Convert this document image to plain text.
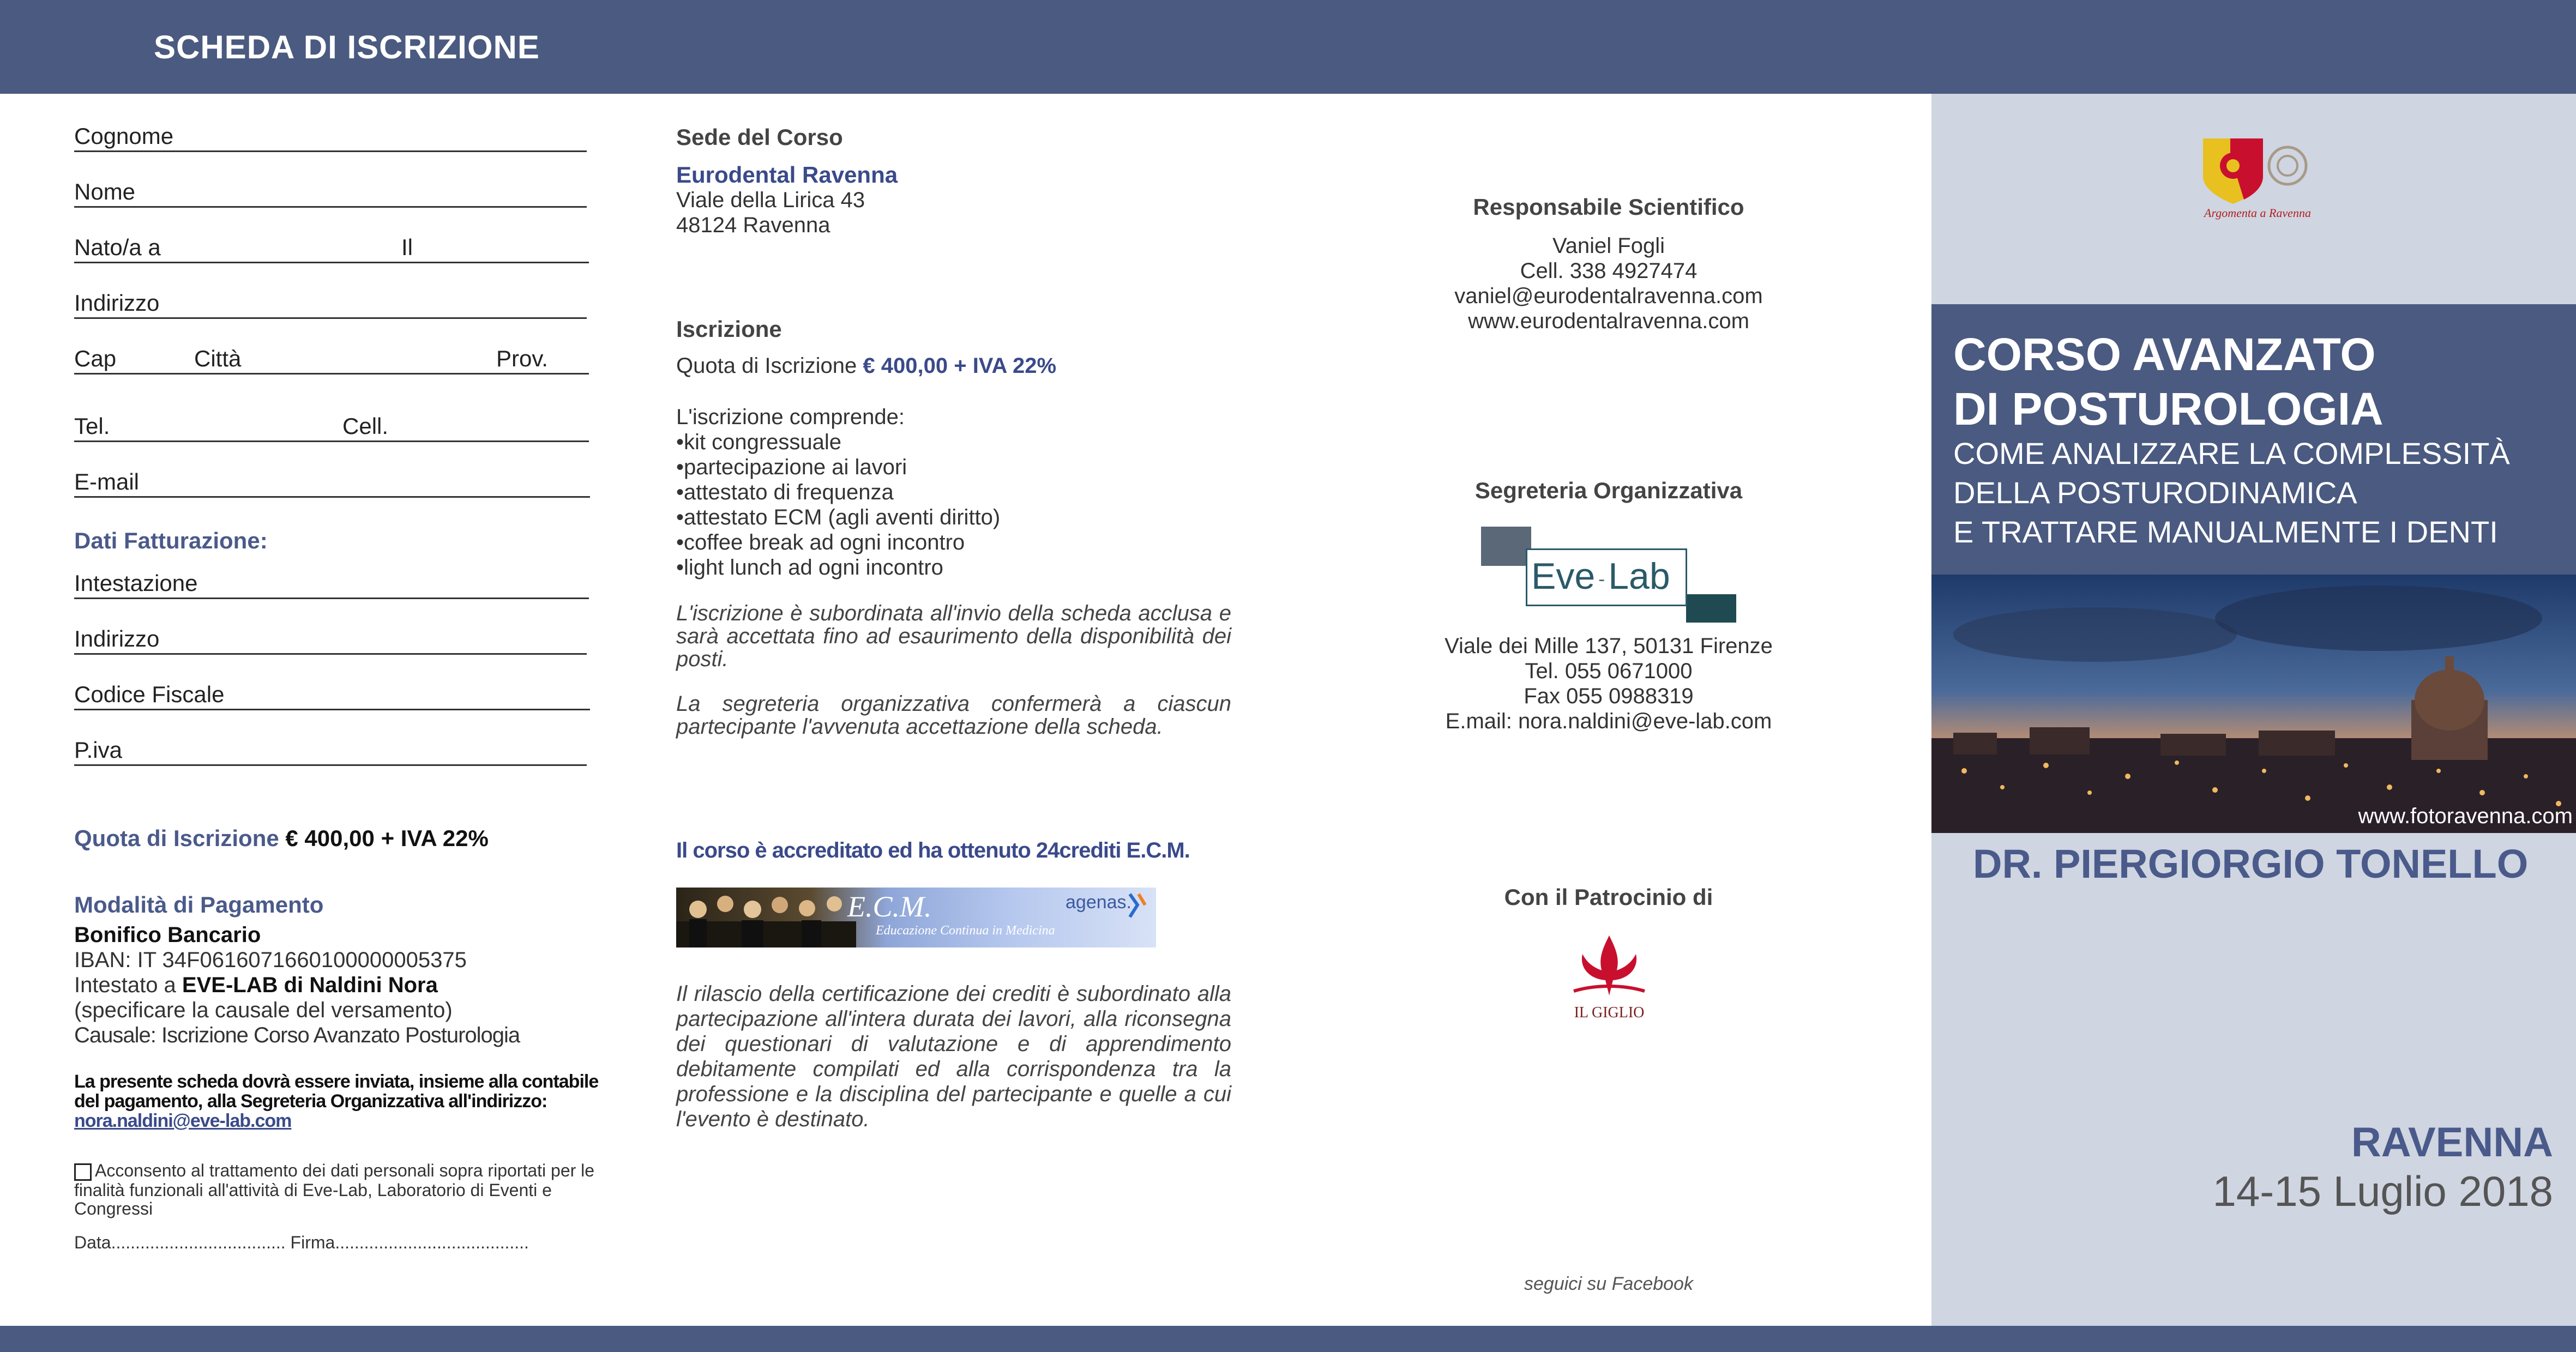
SCHEDA DI ISCRIZIONE
Cognome
Nome
Nato/a a	Il
Indirizzo
Cap	Città	Prov.
Tel.	Cell.
E-mail
Dati Fatturazione:
Intestazione
Indirizzo
Codice Fiscale
P.iva
Quota di Iscrizione € 400,00 + IVA 22%
Modalità di Pagamento
Bonifico Bancario
IBAN: IT 34F0616071660100000005375
Intestato a EVE-LAB di Naldini Nora
(specificare la causale del versamento)
Causale: Iscrizione Corso Avanzato Posturologia
La presente scheda dovrà essere inviata, insieme alla contabile
del pagamento, alla Segreteria Organizzativa all'indirizzo:
nora.naldini@eve-lab.com
Acconsento al trattamento dei dati personali sopra riportati per le finalità funzionali all'attività di Eve-Lab, Laboratorio di Eventi e Congressi
Data.................................... Firma........................................
Sede del Corso
Eurodental Ravenna
Viale della Lirica 43
48124 Ravenna
Iscrizione
Quota di Iscrizione € 400,00 + IVA 22%
L'iscrizione comprende:
•kit congressuale
•partecipazione ai lavori
•attestato di frequenza
•attestato ECM (agli aventi diritto)
•coffee break ad ogni incontro
•light lunch ad ogni incontro
L'iscrizione è subordinata all'invio della scheda acclusa e sarà accettata fino ad esaurimento della disponibilità dei posti.
La segreteria organizzativa confermerà a ciascun partecipante l'avvenuta accettazione della scheda.
Il corso è accreditato ed ha ottenuto 24crediti E.C.M.
E.C.M.
Educazione Continua in Medicina
agenas.
Il rilascio della certificazione dei crediti è subordinato alla partecipazione all'intera durata dei lavori, alla riconsegna dei questionari di valutazione e di apprendimento debitamente compilati ed alla corrispondenza tra la professione e la disciplina del partecipante e quelle a cui l'evento è destinato.
Responsabile Scientifico
Vaniel Fogli
Cell. 338 4927474
vaniel@eurodentalravenna.com
www.eurodentalravenna.com
Segreteria Organizzativa
Eve -Lab
Viale dei Mille 137, 50131 Firenze
Tel. 055 0671000
Fax 055 0988319
E.mail: nora.naldini@eve-lab.com
Con il Patrocinio di
IL GIGLIO
seguici su Facebook
Argomenta a Ravenna
CORSO AVANZATO
DI POSTUROLOGIA
COME ANALIZZARE LA COMPLESSITÀ
DELLA POSTURODINAMICA
E TRATTARE MANUALMENTE I DENTI
www.fotoravenna.com
DR. PIERGIORGIO TONELLO
RAVENNA
14-15 Luglio 2018
